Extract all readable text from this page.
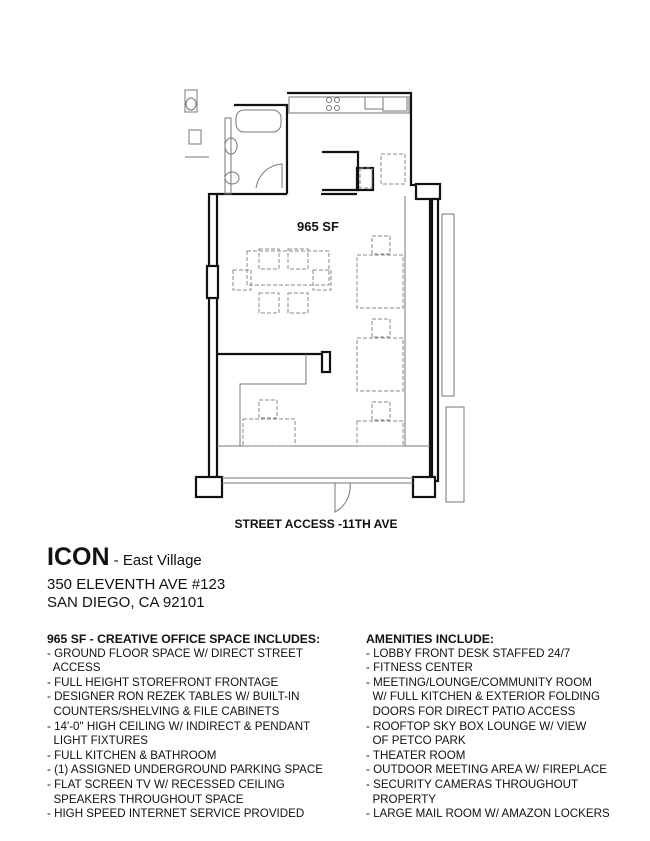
965 SF
STREET ACCESS -11TH AVE
ICON - East Village
350 ELEVENTH AVE #123
SAN DIEGO, CA 92101
965 SF - CREATIVE OFFICE SPACE INCLUDES:
- GROUND FLOOR SPACE W/ DIRECT STREET
ACCESS
- FULL HEIGHT STOREFRONT FRONTAGE
- DESIGNER RON REZEK TABLES W/ BUILT-IN
COUNTERS/SHELVING & FILE CABINETS
- 14'-0" HIGH CEILING W/ INDIRECT & PENDANT
LIGHT FIXTURES
- FULL KITCHEN & BATHROOM
- (1) ASSIGNED UNDERGROUND PARKING SPACE
- FLAT SCREEN TV W/ RECESSED CEILING
SPEAKERS THROUGHOUT SPACE
- HIGH SPEED INTERNET SERVICE PROVIDED
AMENITIES INCLUDE:
- LOBBY FRONT DESK STAFFED 24/7
- FITNESS CENTER
- MEETING/LOUNGE/COMMUNITY ROOM
W/ FULL KITCHEN & EXTERIOR FOLDING
DOORS FOR DIRECT PATIO ACCESS
- ROOFTOP SKY BOX LOUNGE W/ VIEW
OF PETCO PARK
- THEATER ROOM
- OUTDOOR MEETING AREA W/ FIREPLACE
- SECURITY CAMERAS THROUGHOUT
PROPERTY
- LARGE MAIL ROOM W/ AMAZON LOCKERS
